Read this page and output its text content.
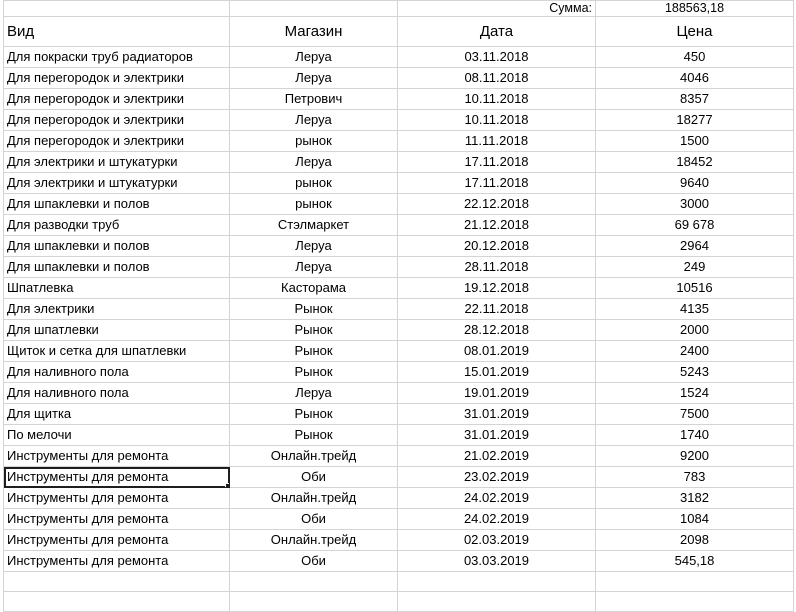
		Сумма:	188563,18
Вид	Магазин	Дата	Цена
Для покраски труб радиаторов	Леруа	03.11.2018	450
Для перегородок и электрики	Леруа	08.11.2018	4046
Для перегородок и электрики	Петрович	10.11.2018	8357
Для перегородок и электрики	Леруа	10.11.2018	18277
Для перегородок и электрики	рынок	11.11.2018	1500
Для электрики и штукатурки	Леруа	17.11.2018	18452
Для электрики и штукатурки	рынок	17.11.2018	9640
Для шпаклевки и полов	рынок	22.12.2018	3000
Для разводки труб	Стэлмаркет	21.12.2018	69 678
Для шпаклевки и полов	Леруа	20.12.2018	2964
Для шпаклевки и полов	Леруа	28.11.2018	249
Шпатлевка	Касторама	19.12.2018	10516
Для электрики	Рынок	22.11.2018	4135
Для шпатлевки	Рынок	28.12.2018	2000
Щиток и сетка для шпатлевки	Рынок	08.01.2019	2400
Для наливного пола	Рынок	15.01.2019	5243
Для наливного пола	Леруа	19.01.2019	1524
Для щитка	Рынок	31.01.2019	7500
По мелочи	Рынок	31.01.2019	1740
Инструменты для ремонта	Онлайн.трейд	21.02.2019	9200
Инструменты для ремонта	Оби	23.02.2019	783
Инструменты для ремонта	Онлайн.трейд	24.02.2019	3182
Инструменты для ремонта	Оби	24.02.2019	1084
Инструменты для ремонта	Онлайн.трейд	02.03.2019	2098
Инструменты для ремонта	Оби	03.03.2019	545,18
